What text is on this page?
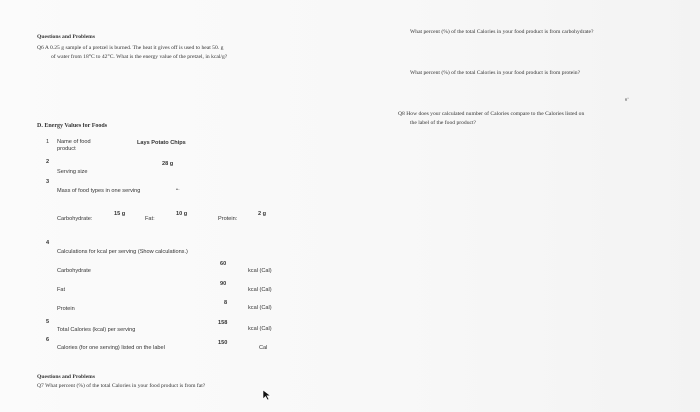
Questions and Problems
Q6 A 0.25 g sample of a pretzel is burned. The heat it gives off is used to heat 50. g
of water from 18°C to 42°C. What is the energy value of the pretzel, in kcal/g?
D. Energy Values for Foods
1 Name of food
product
Lays Potato Chips
2
Serving size
28 g
3
Mass of food types in one serving	•·
Carbohydrate:
15 g
Fat:
10 g
Protein:
2 g
4
Calculations for kcal per serving (Show calculations.)
Carbohydrate
60
kcal (Cal)
Fat
90
kcal (Cal)
Protein
8
kcal (Cal)
5
Total Calories (kcal) per serving
158
kcal (Cal)
6
Calories (for one serving) listed on the label
150
Cal
Questions and Problems
Q7 What percent (%) of the total Calories in your food product is from fat?
What percent (%) of the total Calories in your food product is from carbohydrate?
What percent (%) of the total Calories in your food product is from protein?
ᴿˇ
Q8 How does your calculated number of Calories compare to the Calories listed on
the label of the food product?
